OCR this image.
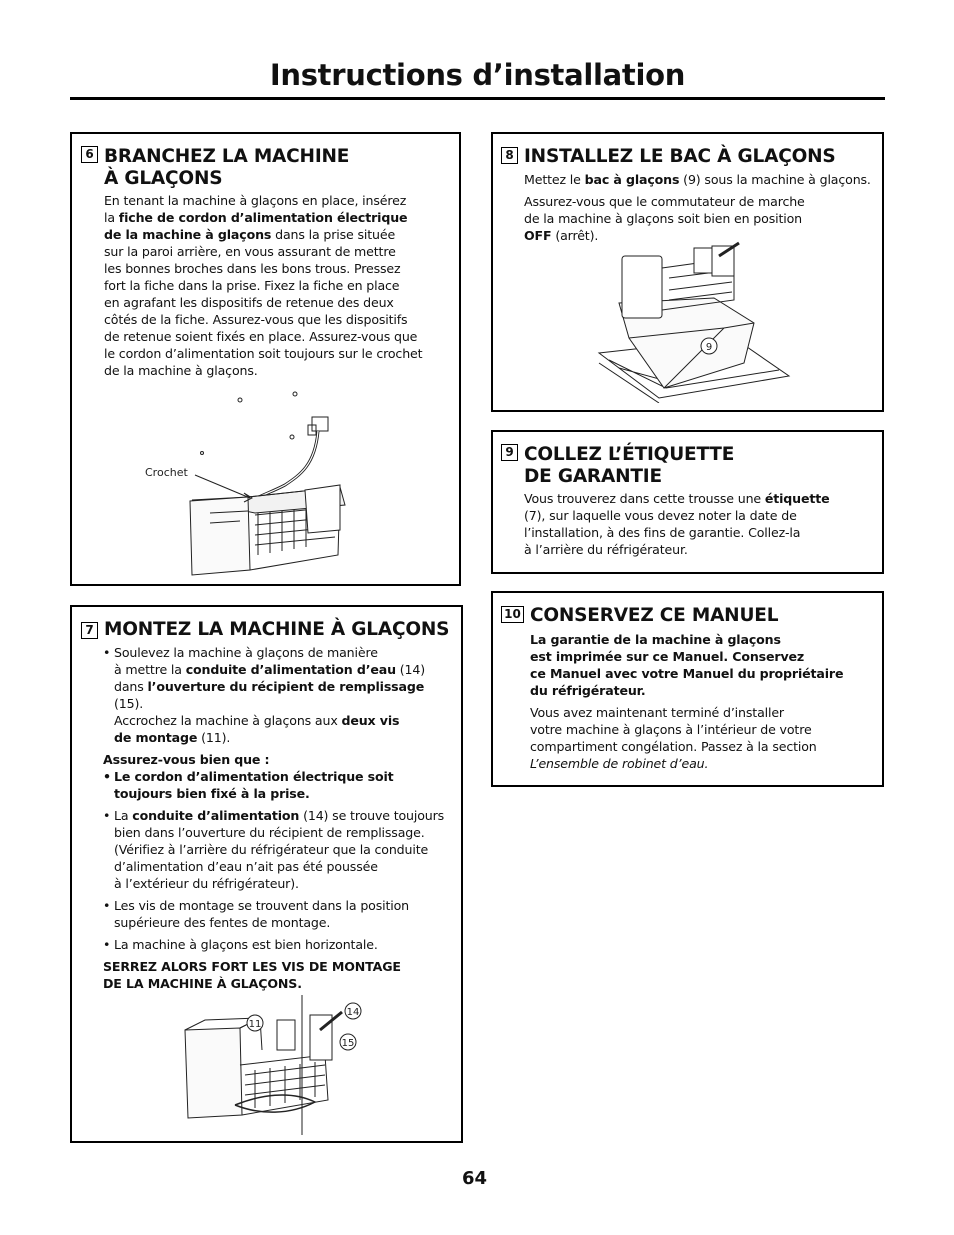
Instructions d’installation
6 BRANCHEZ LA MACHINE
À GLAÇONS

En tenant la machine à glaçons en place, insérez

la fiche de cordon d’alimentation électrique

de la machine à glaçons dans la prise située

sur la paroi arrière, en vous assurant de mettre

les bonnes broches dans les bons trous. Pressez

fort la fiche dans la prise. Fixez la fiche en place

en agrafant les dispositifs de retenue des deux

côtés de la fiche. Assurez-vous que les dispositifs

de retenue soient fixés en place. Assurez-vous que

le cordon d’alimentation soit toujours sur le crochet

de la machine à glaçons.

Crochet
7 MONTEZ LA MACHINE À GLAÇONS

• Soulevez la machine à glaçons de manière

à mettre la conduite d’alimentation d’eau (14)

dans l’ouverture du récipient de remplissage (15).

Accrochez la machine à glaçons aux deux vis

de montage (11).

Assurez-vous bien que :

• Le cordon d’alimentation électrique soit

toujours bien fixé à la prise.

• La conduite d’alimentation (14) se trouve toujours

bien dans l’ouverture du récipient de remplissage.

(Vérifiez à l’arrière du réfrigérateur que la conduite

d’alimentation d’eau n’ait pas été poussée

à l’extérieur du réfrigérateur).

• Les vis de montage se trouvent dans la position

supérieure des fentes de montage.

• La machine à glaçons est bien horizontale.

SERREZ ALORS FORT LES VIS DE MONTAGE

DE LA MACHINE À GLAÇONS.

11
14
15
8 INSTALLEZ LE BAC À GLAÇONS

Mettez le bac à glaçons (9) sous la machine à glaçons.

Assurez-vous que le commutateur de marche

de la machine à glaçons soit bien en position

OFF (arrêt).

9
9 COLLEZ L’ÉTIQUETTE
DE GARANTIE

Vous trouverez dans cette trousse une étiquette

(7), sur laquelle vous devez noter la date de

l’installation, à des fins de garantie. Collez-la

à l’arrière du réfrigérateur.

10 CONSERVEZ CE MANUEL

La garantie de la machine à glaçons

est imprimée sur ce Manuel. Conservez

ce Manuel avec votre Manuel du propriétaire

du réfrigérateur.

Vous avez maintenant terminé d’installer

votre machine à glaçons à l’intérieur de votre

compartiment congélation. Passez à la section

L’ensemble de robinet d’eau.

64
